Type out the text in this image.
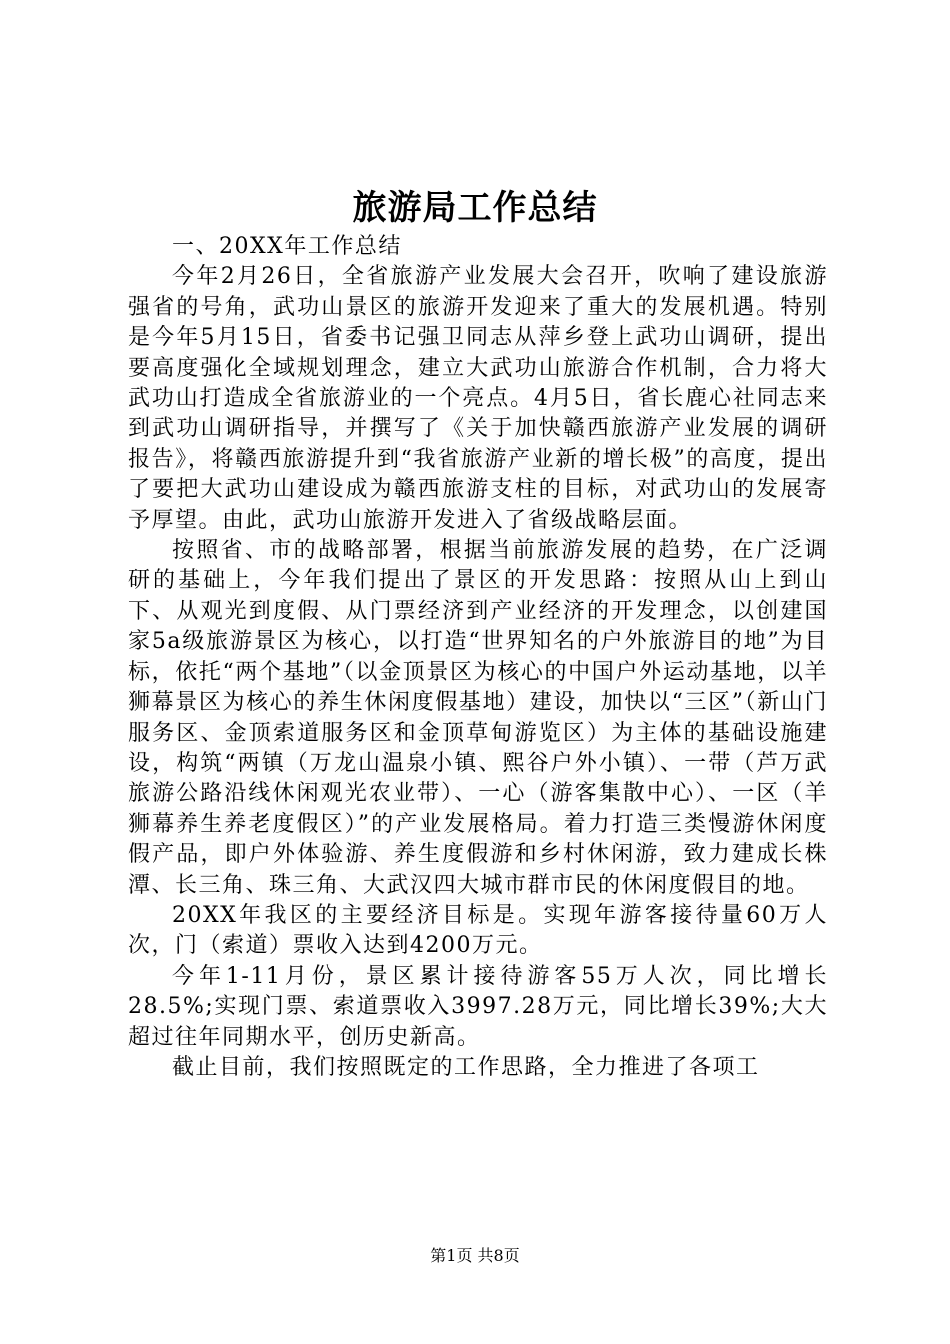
旅游局工作总结

一、20XX年工作总结

今年2月26日，全省旅游产业发展大会召开，吹响了建设旅游强省的号角，武功山景区的旅游开发迎来了重大的发展机遇。特别是今年5月15日，省委书记强卫同志从萍乡登上武功山调研，提出要高度强化全域规划理念，建立大武功山旅游合作机制，合力将大武功山打造成全省旅游业的一个亮点。4月5日，省长鹿心社同志来到武功山调研指导，并撰写了《关于加快赣西旅游产业发展的调研报告》，将赣西旅游提升到“我省旅游产业新的增长极”的高度，提出了要把大武功山建设成为赣西旅游支柱的目标，对武功山的发展寄予厚望。由此，武功山旅游开发进入了省级战略层面。

按照省、市的战略部署，根据当前旅游发展的趋势，在广泛调研的基础上，今年我们提出了景区的开发思路：按照从山上到山下、从观光到度假、从门票经济到产业经济的开发理念，以创建国家5a级旅游景区为核心，以打造“世界知名的户外旅游目的地”为目标，依托“两个基地”（以金顶景区为核心的中国户外运动基地，以羊狮幕景区为核心的养生休闲度假基地）建设，加快以“三区”（新山门服务区、金顶索道服务区和金顶草甸游览区）为主体的基础设施建设，构筑“两镇（万龙山温泉小镇、熙谷户外小镇）、一带（芦万武旅游公路沿线休闲观光农业带）、一心（游客集散中心）、一区（羊狮幕养生养老度假区）”的产业发展格局。着力打造三类慢游休闲度假产品，即户外体验游、养生度假游和乡村休闲游，致力建成长株潭、长三角、珠三角、大武汉四大城市群市民的休闲度假目的地。

20XX年我区的主要经济目标是。实现年游客接待量60万人次，门（索道）票收入达到4200万元。

今年1-11月份，景区累计接待游客55万人次，同比增长28.5%;实现门票、索道票收入3997.28万元，同比增长39%;大大超过往年同期水平，创历史新高。

截止目前，我们按照既定的工作思路，全力推进了各项工

第1页 共8页
